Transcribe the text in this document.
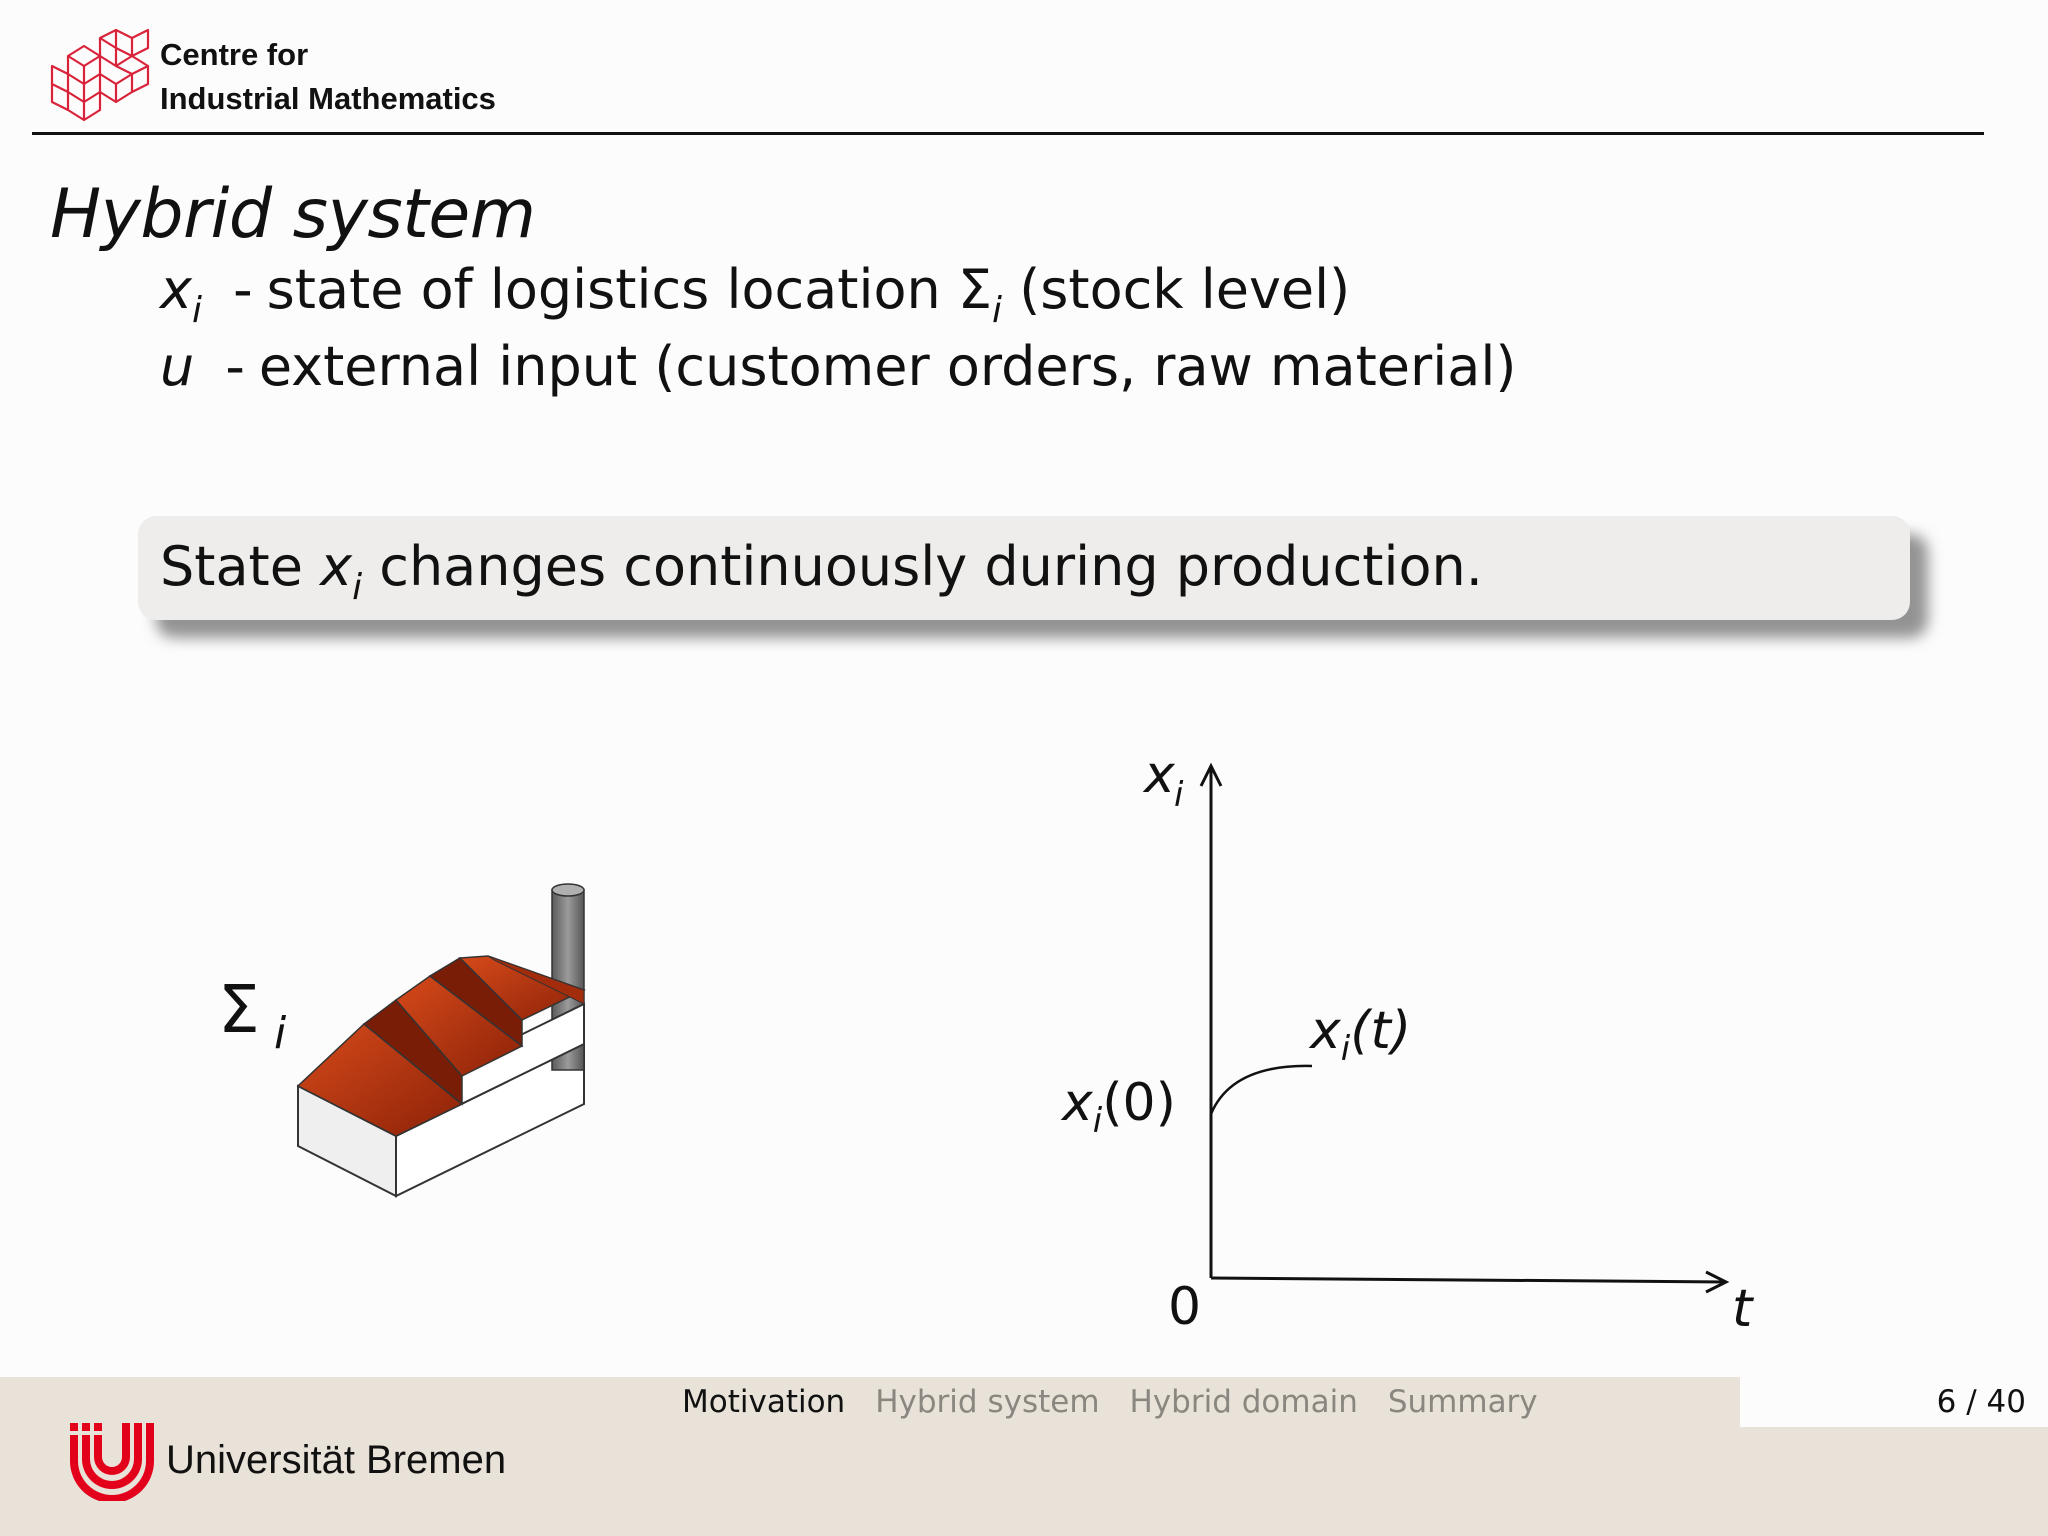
Centre for
Industrial Mathematics
Hybrid system
$x_i$ - state of logistics location $\Sigma_i$ (stock level)
u - external input (customer orders, raw material)
State $x_i$ changes continuously during production.
Σ i
x i
0	t
$x_i(0)$
$x_i(t)$
6 / 40
Motivation Hybrid system Hybrid domain Summary
Universität Bremen
